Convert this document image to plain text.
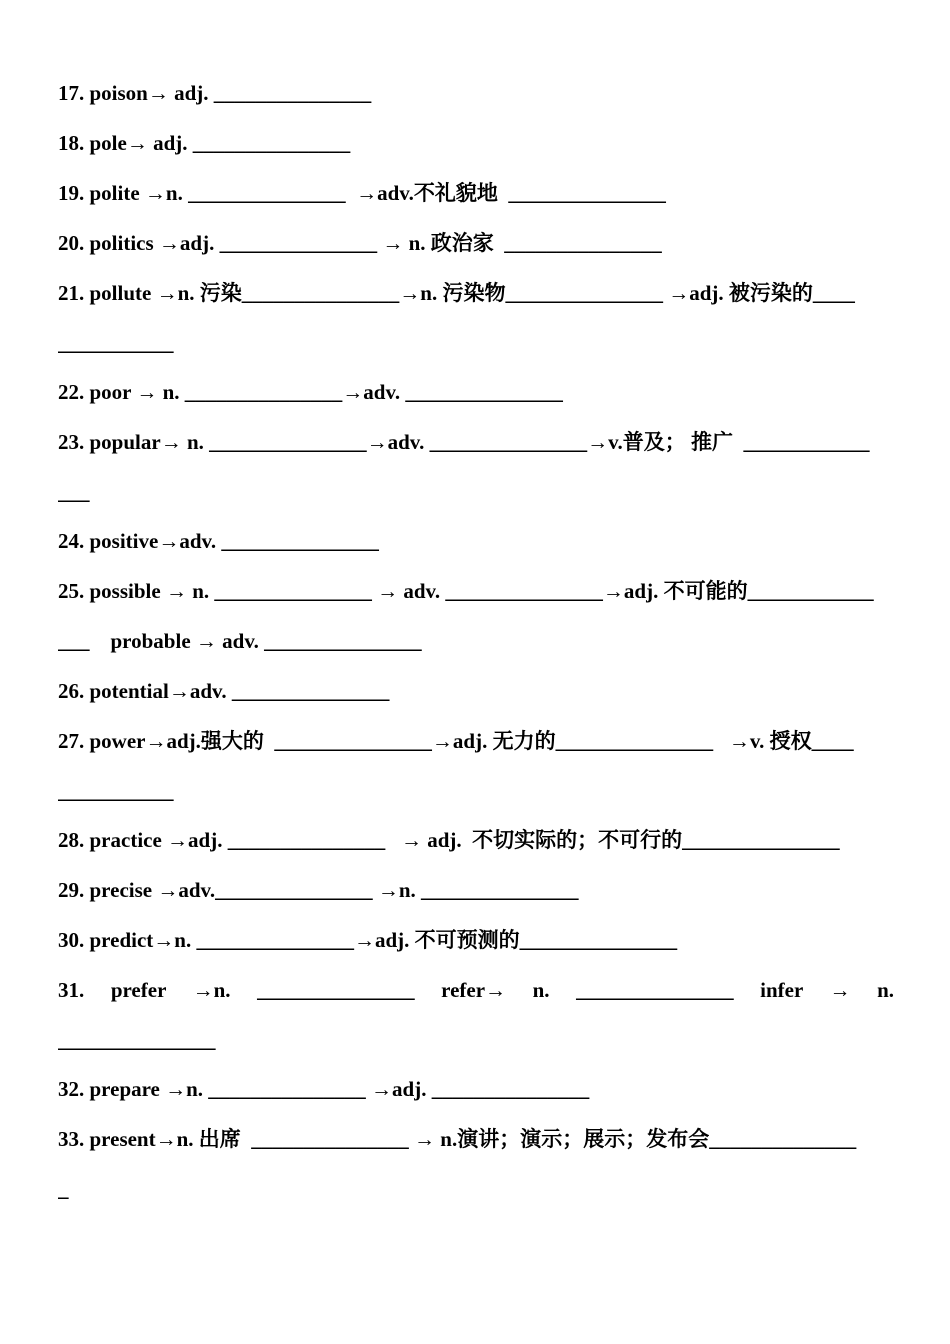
17. poison→ adj. _______________
18. pole→ adj. _______________
19. polite →n. _______________  →adv.不礼貌地  _______________
20. politics →adj. _______________ → n. 政治家  _______________
21. pollute →n. 污染_______________→n. 污染物_______________ →adj. 被污染的____
___________
22. poor → n. _______________→adv. _______________
23. popular→ n. _______________→adv. _______________→v.普及； 推广  ____________
___
24. positive→adv. _______________
25. possible → n. _______________ → adv. _______________→adj. 不可能的____________
___    probable → adv. _______________
26. potential→adv. _______________
27. power→adj.强大的  _______________→adj. 无力的_______________   →v. 授权____
___________
28. practice →adj. _______________   → adj.  不切实际的；不可行的_______________
29. precise →adv._______________ →n. _______________
30. predict→n. _______________→adj. 不可预测的_______________
31. prefer →n. _______________ refer→ n. _______________ infer → n.
_______________
32. prepare →n. _______________ →adj. _______________
33. present→n. 出席  _______________ → n.演讲；演示；展示；发布会______________
_
